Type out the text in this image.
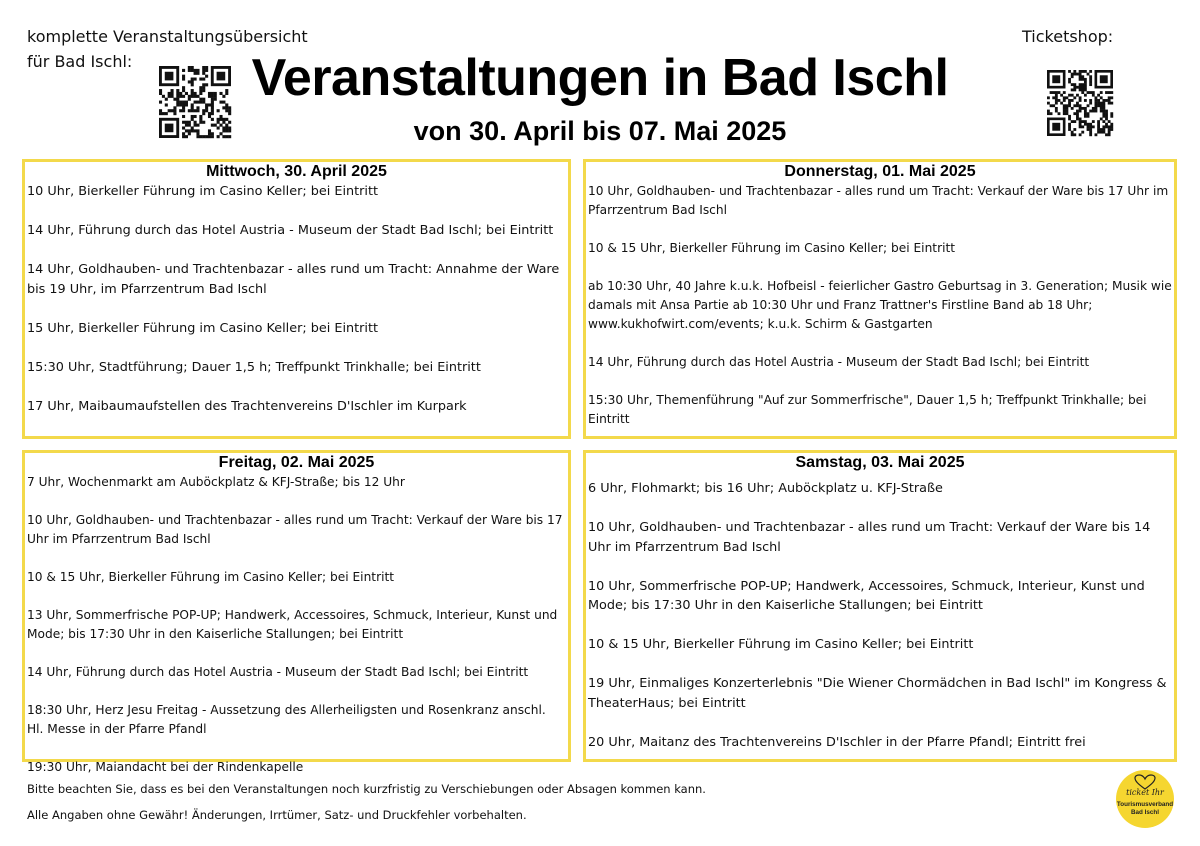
komplette Veranstaltungsübersicht
für Bad Ischl:
Ticketshop:
Veranstaltungen in Bad Ischl
von 30. April bis 07. Mai 2025
Mittwoch, 30. April 2025

10 Uhr, Bierkeller Führung im Casino Keller; bei Eintritt

14 Uhr, Führung durch das Hotel Austria - Museum der Stadt Bad Ischl; bei Eintritt

14 Uhr, Goldhauben- und Trachtenbazar - alles rund um Tracht: Annahme der Ware bis 19 Uhr, im Pfarrzentrum Bad Ischl

15 Uhr, Bierkeller Führung im Casino Keller; bei Eintritt

15:30 Uhr, Stadtführung; Dauer 1,5 h; Treffpunkt Trinkhalle; bei Eintritt

17 Uhr, Maibaumaufstellen des Trachtenvereins D'Ischler im Kurpark

Donnerstag, 01. Mai 2025

10 Uhr, Goldhauben- und Trachtenbazar - alles rund um Tracht: Verkauf der Ware bis 17 Uhr im Pfarrzentrum Bad Ischl

10 & 15 Uhr, Bierkeller Führung im Casino Keller; bei Eintritt

ab 10:30 Uhr, 40 Jahre k.u.k. Hofbeisl - feierlicher Gastro Geburtsag in 3. Generation; Musik wie damals mit Ansa Partie ab 10:30 Uhr und Franz Trattner's Firstline Band ab 18 Uhr; www.kukhofwirt.com/events; k.u.k. Schirm & Gastgarten

14 Uhr, Führung durch das Hotel Austria - Museum der Stadt Bad Ischl; bei Eintritt

15:30 Uhr, Themenführung "Auf zur Sommerfrische", Dauer 1,5 h; Treffpunkt Trinkhalle; bei Eintritt

Freitag, 02. Mai 2025

7 Uhr, Wochenmarkt am Auböckplatz & KFJ-Straße; bis 12 Uhr

10 Uhr, Goldhauben- und Trachtenbazar - alles rund um Tracht: Verkauf der Ware bis 17 Uhr im Pfarrzentrum Bad Ischl

10 & 15 Uhr, Bierkeller Führung im Casino Keller; bei Eintritt

13 Uhr, Sommerfrische POP-UP; Handwerk, Accessoires, Schmuck, Interieur, Kunst und Mode; bis 17:30 Uhr in den Kaiserliche Stallungen; bei Eintritt

14 Uhr, Führung durch das Hotel Austria - Museum der Stadt Bad Ischl; bei Eintritt

18:30 Uhr, Herz Jesu Freitag - Aussetzung des Allerheiligsten und Rosenkranz anschl. Hl. Messe in der Pfarre Pfandl

19:30 Uhr, Maiandacht bei der Rindenkapelle

Samstag, 03. Mai 2025

6 Uhr, Flohmarkt; bis 16 Uhr; Auböckplatz u. KFJ-Straße

10 Uhr, Goldhauben- und Trachtenbazar - alles rund um Tracht: Verkauf der Ware bis 14 Uhr im Pfarrzentrum Bad Ischl

10 Uhr, Sommerfrische POP-UP; Handwerk, Accessoires, Schmuck, Interieur, Kunst und Mode; bis 17:30 Uhr in den Kaiserliche Stallungen; bei Eintritt

10 & 15 Uhr, Bierkeller Führung im Casino Keller; bei Eintritt

19 Uhr, Einmaliges Konzerterlebnis "Die Wiener Chormädchen in Bad Ischl" im Kongress & TheaterHaus; bei Eintritt

20 Uhr, Maitanz des Trachtenvereins D'Ischler in der Pfarre Pfandl; Eintritt frei

Bitte beachten Sie, dass es bei den Veranstaltungen noch kurzfristig zu Verschiebungen oder Absagen kommen kann.
Alle Angaben ohne Gewähr! Änderungen, Irrtümer, Satz- und Druckfehler vorbehalten.
ticket Ihr
Tourismusverband
Bad Ischl
